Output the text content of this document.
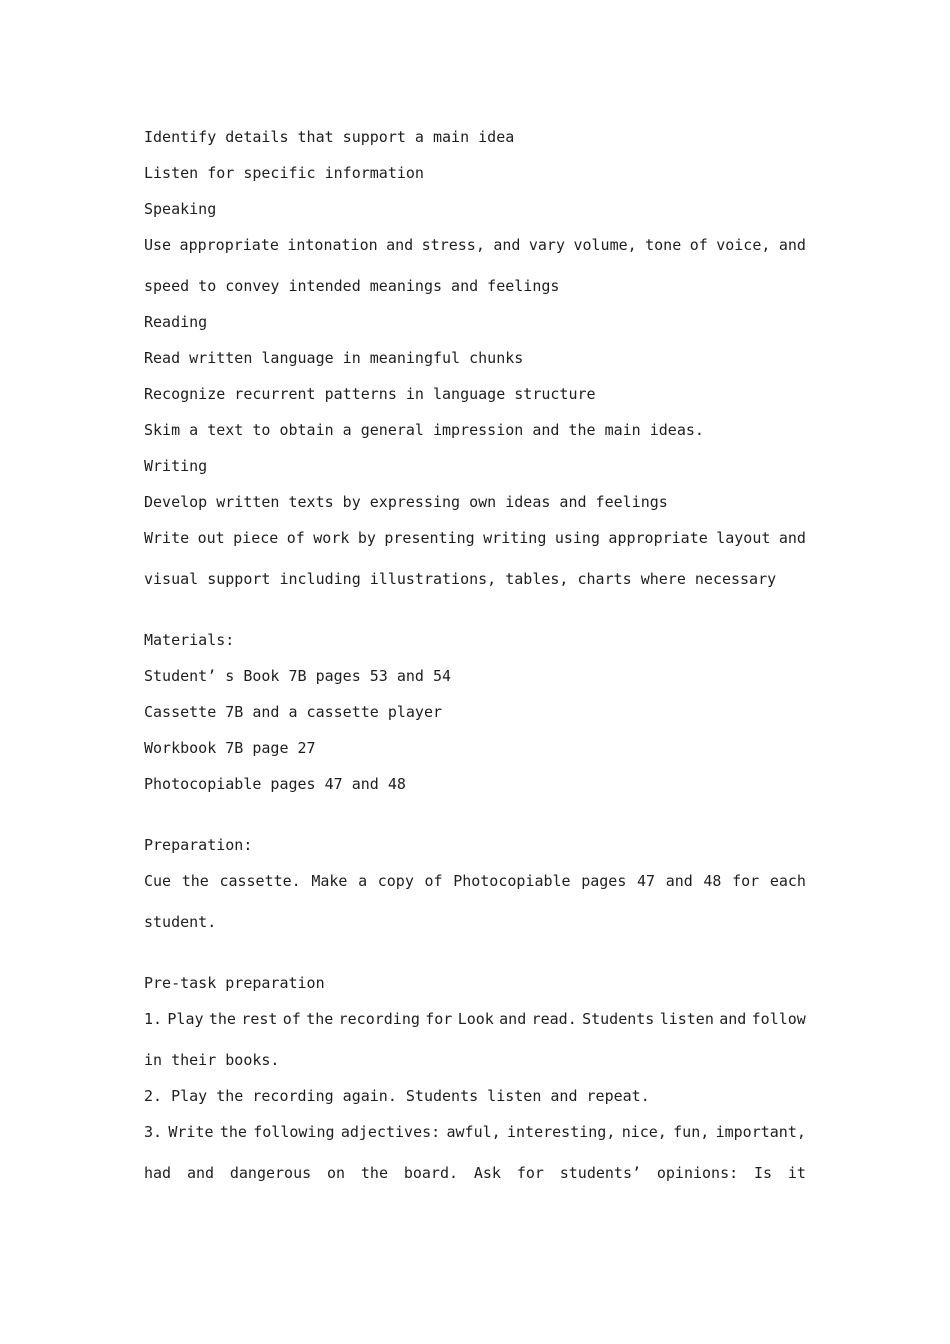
Identify details that support a main idea
Listen for specific information
Speaking
Use appropriate intonation and stress, and vary volume, tone of voice, and
speed to convey intended meanings and feelings
Reading
Read written language in meaningful chunks
Recognize recurrent patterns in language structure
Skim a text to obtain a general impression and the main ideas.
Writing
Develop written texts by expressing own ideas and feelings
Write out piece of work by presenting writing using appropriate layout and
visual support including illustrations, tables, charts where necessary
Materials:
Student’ s Book 7B pages 53 and 54
Cassette 7B and a cassette player
Workbook 7B page 27
Photocopiable pages 47 and 48
Preparation:
Cue the cassette. Make a copy of Photocopiable pages 47 and 48 for each
student.
Pre-task preparation
1. Play the rest of the recording for Look and read. Students listen and follow
in their books.
2. Play the recording again. Students listen and repeat.
3. Write the following adjectives: awful, interesting, nice, fun, important,
had and dangerous on the board. Ask for students’ opinions: Is it
